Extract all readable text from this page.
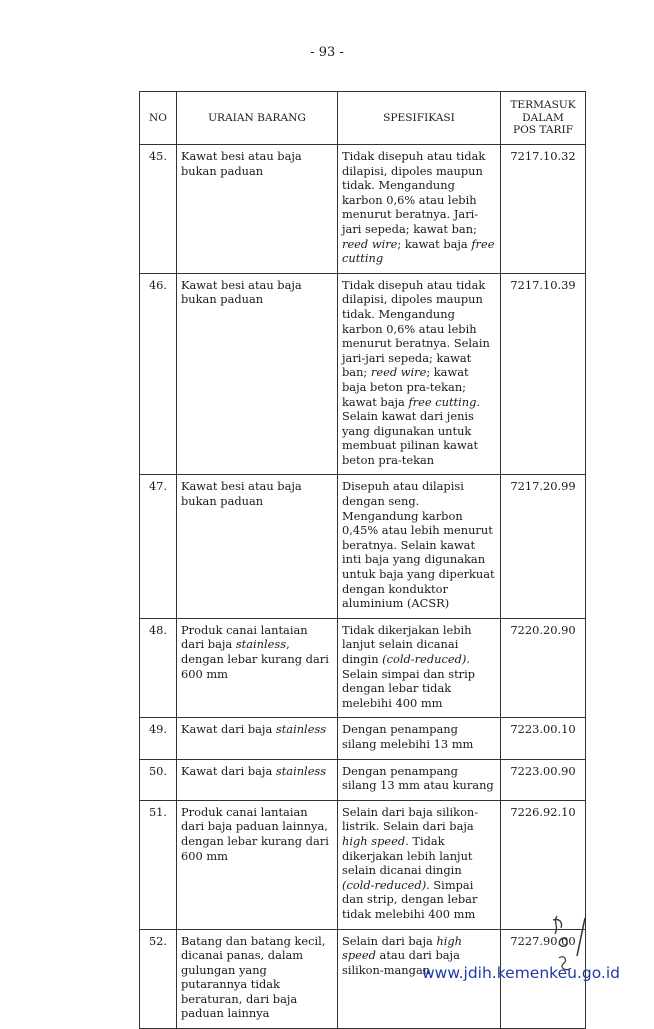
- 93 -
NO	URAIAN BARANG	SPESIFIKASI	TERMASUK
DALAM
POS TARIF
45.	Kawat besi atau baja bukan paduan	Tidak disepuh atau tidak dilapisi, dipoles maupun tidak. Mengandung karbon 0,6% atau lebih menurut beratnya. Jari-jari sepeda; kawat ban; reed wire; kawat baja free cutting	7217.10.32
46.	Kawat besi atau baja bukan paduan	Tidak disepuh atau tidak dilapisi, dipoles maupun tidak. Mengandung karbon 0,6% atau lebih menurut beratnya. Selain jari-jari sepeda; kawat ban; reed wire; kawat baja beton pra-tekan; kawat baja free cutting. Selain kawat dari jenis yang digunakan untuk membuat pilinan kawat beton pra-tekan	7217.10.39
47.	Kawat besi atau baja bukan paduan	Disepuh atau dilapisi dengan seng. Mengandung karbon 0,45% atau lebih menurut beratnya. Selain kawat inti baja yang digunakan untuk baja yang diperkuat dengan konduktor aluminium (ACSR)	7217.20.99
48.	Produk canai lantaian dari baja stainless, dengan lebar kurang dari 600 mm	Tidak dikerjakan lebih lanjut selain dicanai dingin (cold-reduced). Selain simpai dan strip dengan lebar tidak melebihi 400 mm	7220.20.90
49.	Kawat dari baja stainless	Dengan penampang silang melebihi 13 mm	7223.00.10
50.	Kawat dari baja stainless	Dengan penampang silang 13 mm atau kurang	7223.00.90
51.	Produk canai lantaian dari baja paduan lainnya, dengan lebar kurang dari 600 mm	Selain dari baja silikon-listrik. Selain dari baja high speed. Tidak dikerjakan lebih lanjut selain dicanai dingin (cold-reduced). Simpai dan strip, dengan lebar tidak melebihi 400 mm	7226.92.10
52.	Batang dan batang kecil, dicanai panas, dalam gulungan yang putarannya tidak beraturan, dari baja paduan lainnya	Selain dari baja high speed atau dari baja silikon-mangan	7227.90.00
www.jdih.kemenkeu.go.id
